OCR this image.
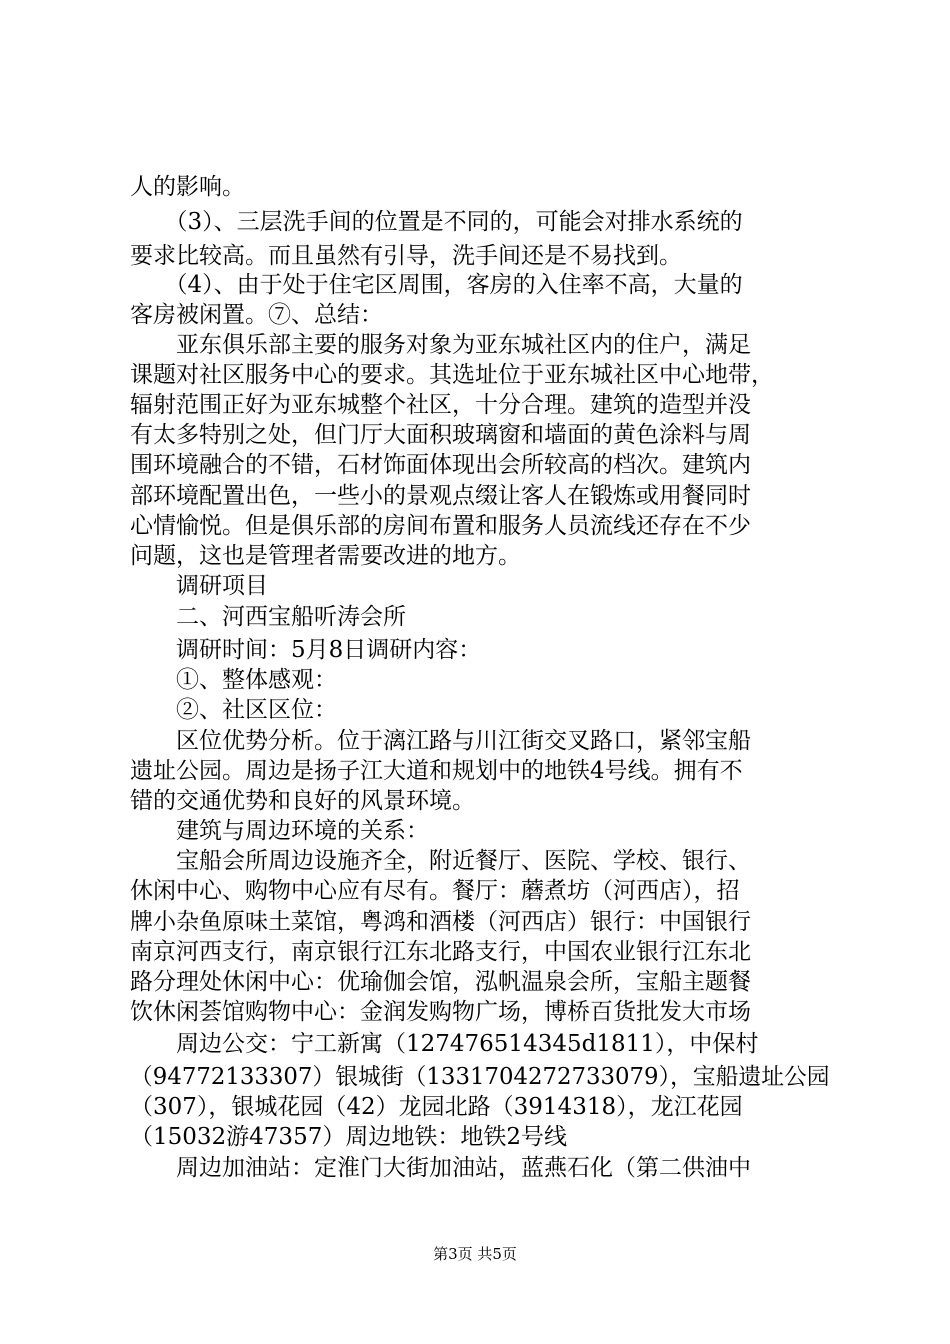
人的影响。
　　（3）、三层洗手间的位置是不同的，可能会对排水系统的
要求比较高。而且虽然有引导，洗手间还是不易找到。
　　（4）、由于处于住宅区周围，客房的入住率不高，大量的
客房被闲置。⑦、总结：
　　亚东俱乐部主要的服务对象为亚东城社区内的住户，满足
课题对社区服务中心的要求。其选址位于亚东城社区中心地带，
辐射范围正好为亚东城整个社区，十分合理。建筑的造型并没
有太多特别之处，但门厅大面积玻璃窗和墙面的黄色涂料与周
围环境融合的不错，石材饰面体现出会所较高的档次。建筑内
部环境配置出色，一些小的景观点缀让客人在锻炼或用餐同时
心情愉悦。但是俱乐部的房间布置和服务人员流线还存在不少
问题，这也是管理者需要改进的地方。
　　调研项目
　　二、河西宝船听涛会所
　　调研时间：5月8日调研内容：
　　①、整体感观：
　　②、社区区位：
　　区位优势分析。位于漓江路与川江街交叉路口，紧邻宝船
遗址公园。周边是扬子江大道和规划中的地铁4号线。拥有不
错的交通优势和良好的风景环境。
　　建筑与周边环境的关系：
　　宝船会所周边设施齐全，附近餐厅、医院、学校、银行、
休闲中心、购物中心应有尽有。餐厅：蘑煮坊（河西店），招
牌小杂鱼原味土菜馆，粤鸿和酒楼（河西店）银行：中国银行
南京河西支行，南京银行江东北路支行，中国农业银行江东北
路分理处休闲中心：优瑜伽会馆，泓帆温泉会所，宝船主题餐
饮休闲荟馆购物中心：金润发购物广场，博桥百货批发大市场
　　周边公交：宁工新寓（127476514345d1811），中保村
（94772133307）银城街（1331704272733079），宝船遗址公园
（307），银城花园（42）龙园北路（3914318），龙江花园
（15032游47357）周边地铁：地铁2号线
　　周边加油站：定淮门大街加油站，蓝燕石化（第二供油中
第3页 共5页
